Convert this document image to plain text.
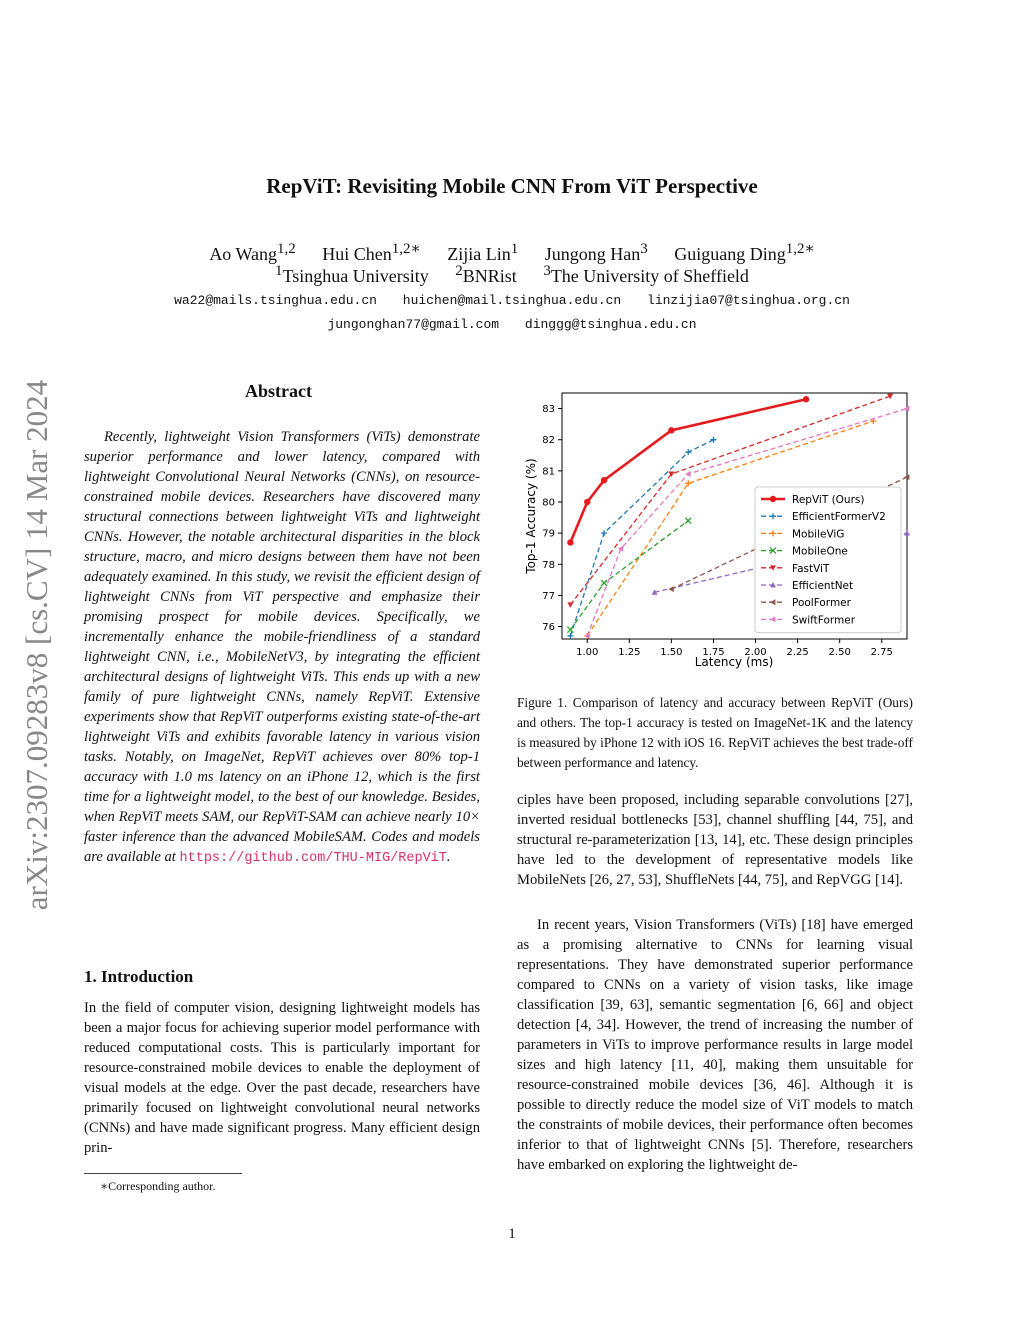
RepViT: Revisiting Mobile CNN From ViT Perspective
Ao Wang$^{1,2}$ Hui Chen$^{1,2∗}$ Zijia Lin$^1$ Jungong Han$^3$ Guiguang Ding$^{1,2∗}$
$^1$Tsinghua University $^2$BNRist $^3$The University of Sheffield
wa22@mails.tsinghua.edu.cn huichen@mail.tsinghua.edu.cn linzijia07@tsinghua.org.cn
jungonghan77@gmail.com dinggg@tsinghua.edu.cn
arXiv:2307.09283v8 [cs.CV] 14 Mar 2024	Abstract
Recently, lightweight Vision Transformers (ViTs) demonstrate superior performance and lower latency, compared with lightweight Convolutional Neural Networks (CNNs), on resource-constrained mobile devices. Researchers have discovered many structural connections between lightweight ViTs and lightweight CNNs. However, the notable architectural disparities in the block structure, macro, and micro designs between them have not been adequately examined. In this study, we revisit the efficient design of lightweight CNNs from ViT perspective and emphasize their promising prospect for mobile devices. Specifically, we incrementally enhance the mobile-friendliness of a standard lightweight CNN, i.e., MobileNetV3, by integrating the efficient architectural designs of lightweight ViTs. This ends up with a new family of pure lightweight CNNs, namely RepViT. Extensive experiments show that RepViT outperforms existing state-of-the-art lightweight ViTs and exhibits favorable latency in various vision tasks. Notably, on ImageNet, RepViT achieves over 80% top-1 accuracy with 1.0 ms latency on an iPhone 12, which is the first time for a lightweight model, to the best of our knowledge. Besides, when RepViT meets SAM, our RepViT-SAM can achieve nearly 10× faster inference than the advanced MobileSAM. Codes and models are available at https://github.com/THU-MIG/RepViT.
1. Introduction
In the field of computer vision, designing lightweight models has been a major focus for achieving superior model performance with reduced computational costs. This is particularly important for resource-constrained mobile devices to enable the deployment of visual models at the edge. Over the past decade, researchers have primarily focused on lightweight convolutional neural networks (CNNs) and have made significant progress. Many efficient design prin-
∗Corresponding author.
1.00 1.25 1.50 1.75 2.00 2.25 2.50 2.75
76
77
78
79
80
81
82
83
Latency (ms)
Top-1 Accuracy (%)	RepViT (Ours)
EfficientFormerV2
MobileViG
MobileOne
FastViT
EfficientNet
PoolFormer
SwiftFormer
Figure 1. Comparison of latency and accuracy between RepViT (Ours) and others. The top-1 accuracy is tested on ImageNet-1K and the latency is measured by iPhone 12 with iOS 16. RepViT achieves the best trade-off between performance and latency.
ciples have been proposed, including separable convolutions [27], inverted residual bottlenecks [53], channel shuffling [44, 75], and structural re-parameterization [13, 14], etc. These design principles have led to the development of representative models like MobileNets [26, 27, 53], ShuffleNets [44, 75], and RepVGG [14].
In recent years, Vision Transformers (ViTs) [18] have emerged as a promising alternative to CNNs for learning visual representations. They have demonstrated superior performance compared to CNNs on a variety of vision tasks, like image classification [39, 63], semantic segmentation [6, 66] and object detection [4, 34]. However, the trend of increasing the number of parameters in ViTs to improve performance results in large model sizes and high latency [11, 40], making them unsuitable for resource-constrained mobile devices [36, 46]. Although it is possible to directly reduce the model size of ViT models to match the constraints of mobile devices, their performance often becomes inferior to that of lightweight CNNs [5]. Therefore, researchers have embarked on exploring the lightweight de-
1
